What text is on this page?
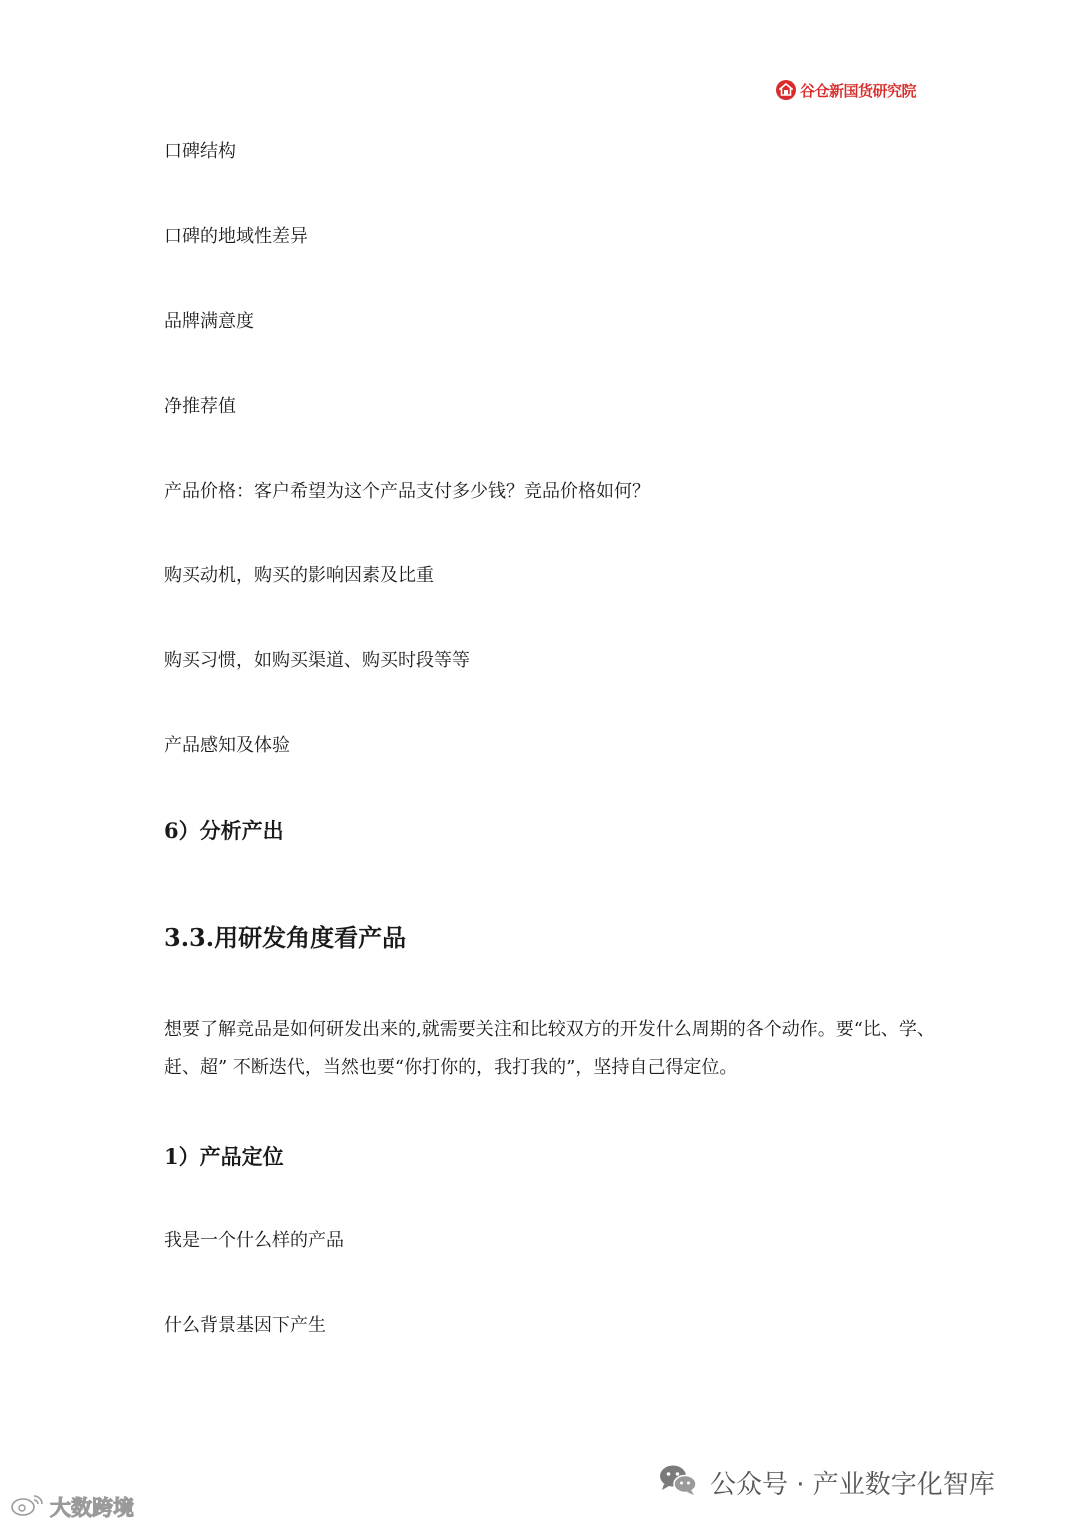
谷仓新国货研究院
口碑结构
口碑的地域性差异
品牌满意度
净推荐值
产品价格：客户希望为这个产品支付多少钱？竞品价格如何？
购买动机，购买的影响因素及比重
购买习惯，如购买渠道、购买时段等等
产品感知及体验
6）分析产出
3.3.用研发角度看产品
想要了解竞品是如何研发出来的,就需要关注和比较双方的开发什么周期的各个动作。要“比、学、赶、超” 不断迭代，当然也要“你打你的，我打我的”，坚持自己得定位。
1）产品定位
我是一个什么样的产品
什么背景基因下产生
大数跨境
公众号 · 产业数字化智库
